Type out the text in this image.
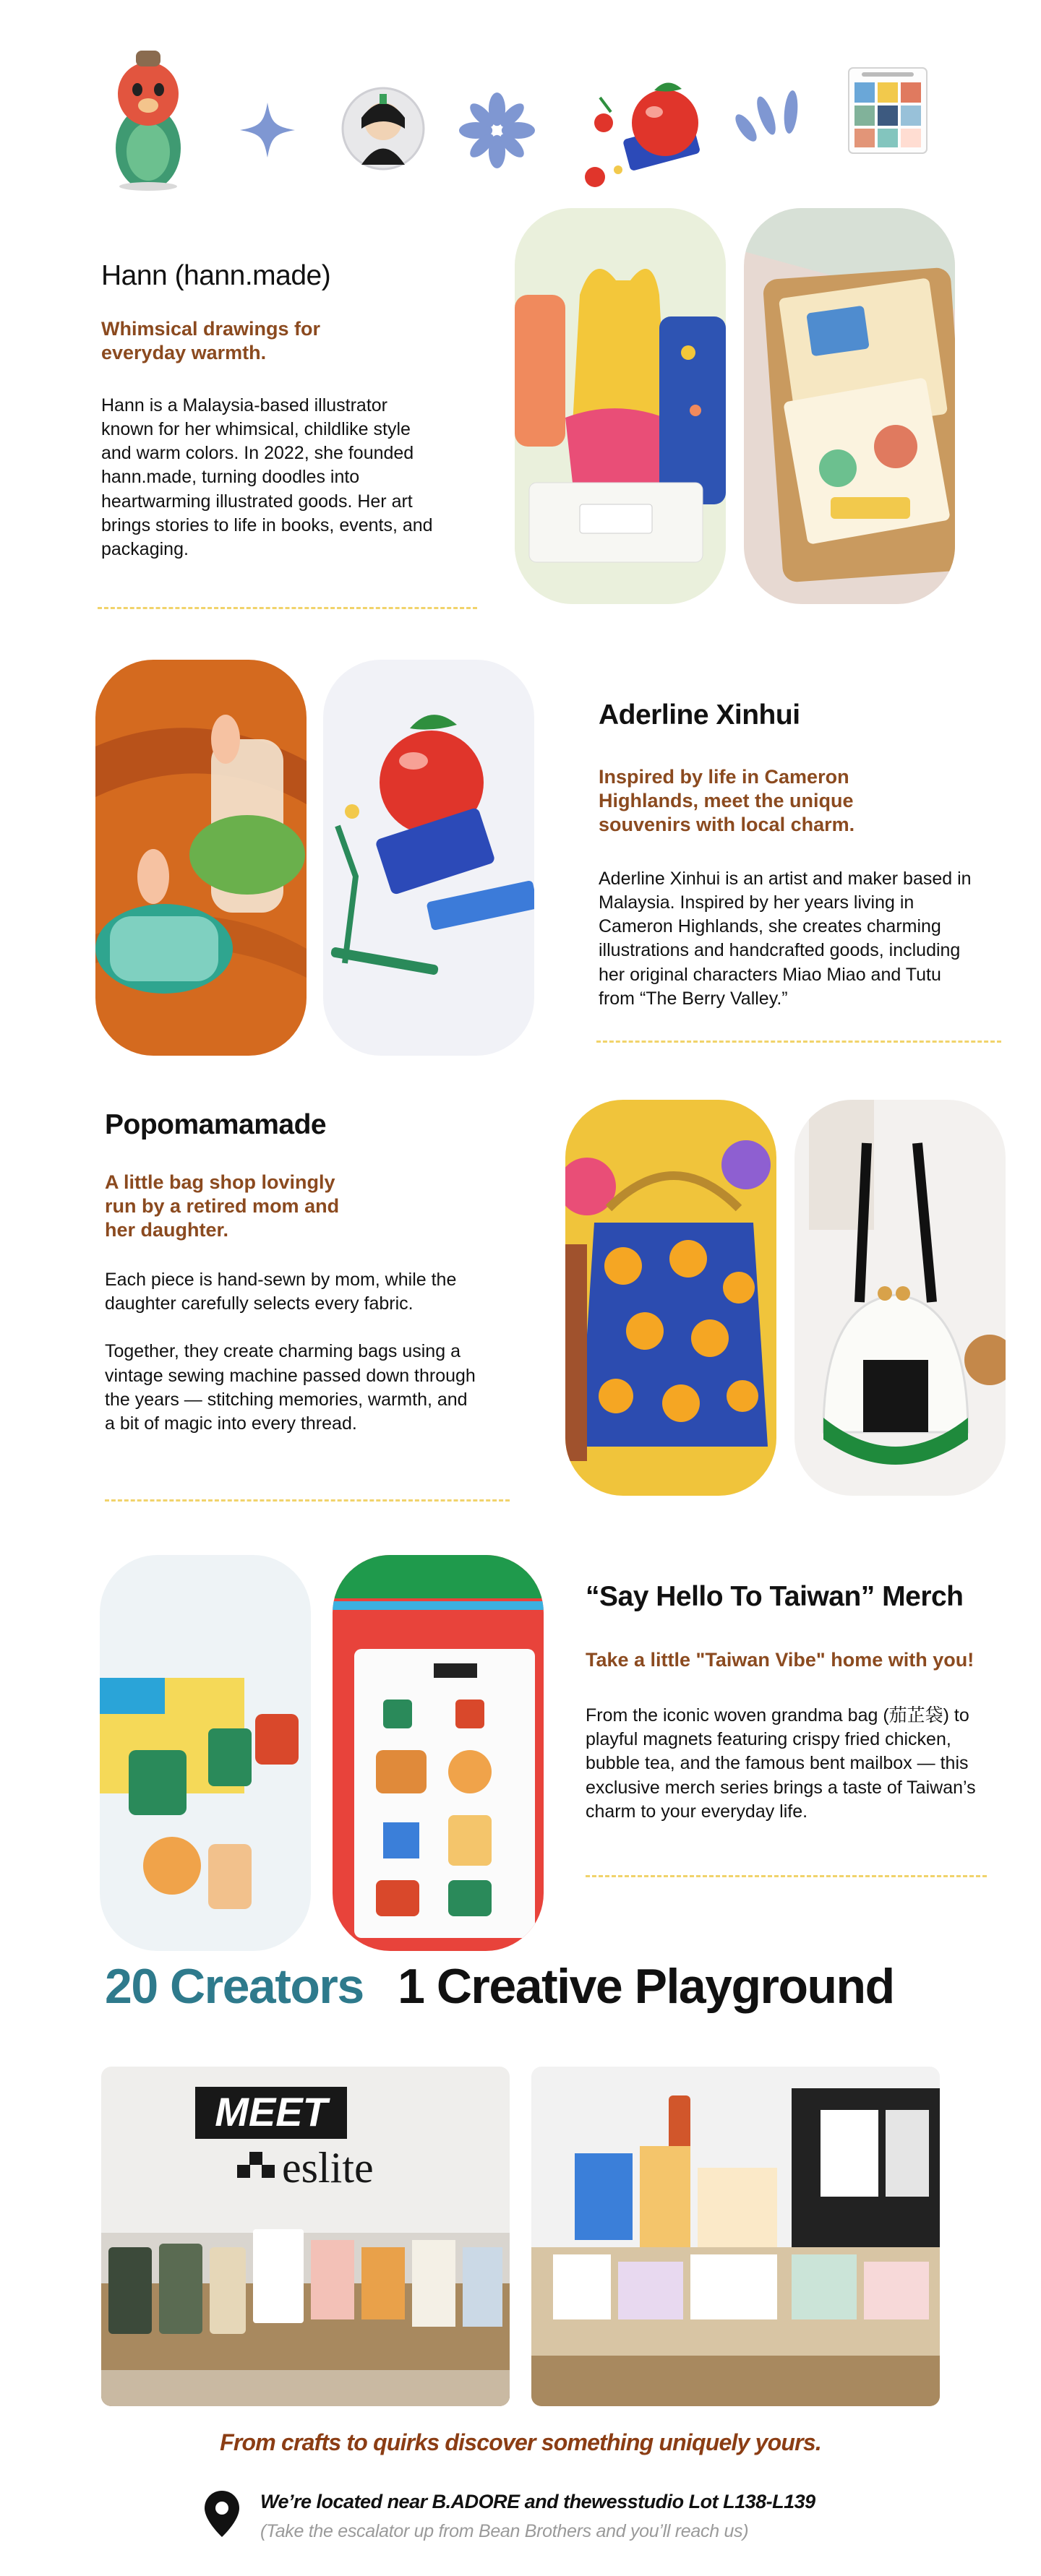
Hann (hann.made)
Whimsical drawings for everyday warmth.
Hann is a Malaysia-based illustrator known for her whimsical, childlike style and warm colors. In 2022, she founded hann.made, turning doodles into heartwarming illustrated goods. Her art brings stories to life in books, events, and packaging.
Aderline Xinhui
Inspired by life in Cameron Highlands, meet the unique souvenirs with local charm.
Aderline Xinhui is an artist and maker based in Malaysia. Inspired by her years living in Cameron Highlands, she creates charming illustrations and handcrafted goods, including her original characters Miao Miao and Tutu from “The Berry Valley.”
Popomamamade
A little bag shop lovingly run by a retired mom and her daughter.
Each piece is hand-sewn by mom, while the daughter carefully selects every fabric.

Together, they create charming bags using a vintage sewing machine passed down through the years — stitching memories, warmth, and a bit of magic into every thread.
“Say Hello To Taiwan” Merch
Take a little "Taiwan Vibe" home with you!
From the iconic woven grandma bag (茄芷袋) to playful magnets featuring crispy fried chicken, bubble tea, and the famous bent mailbox — this exclusive merch series brings a taste of Taiwan’s charm to your everyday life.
20 Creators 1 Creative Playground
MEET
eslite
From crafts to quirks discover something uniquely yours.
We’re located near B.ADORE and thewesstudio Lot L138-L139
(Take the escalator up from Bean Brothers and you’ll reach us)
